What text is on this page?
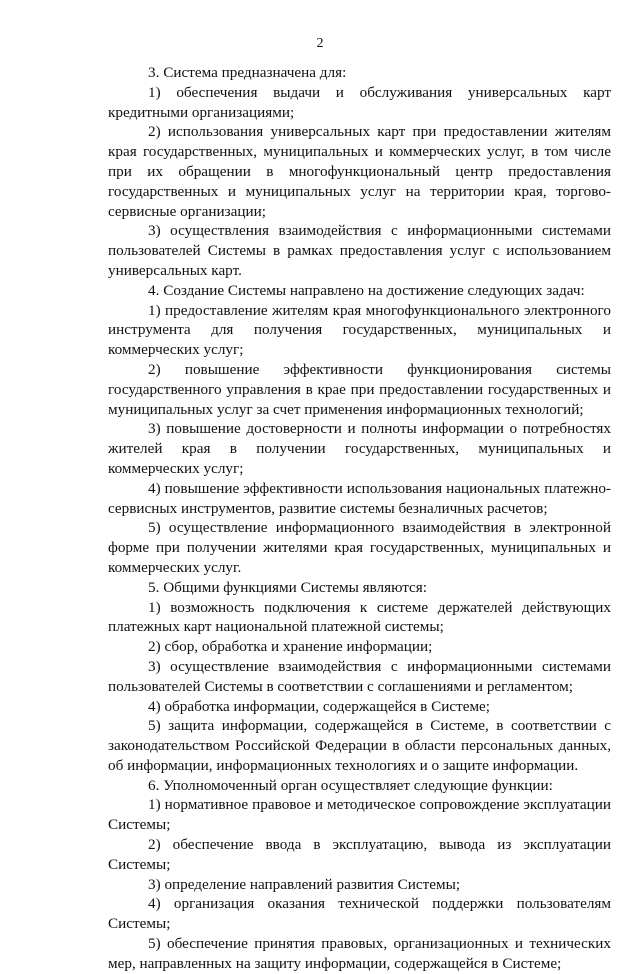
2

3. Система предназначена для:

1) обеспечения выдачи и обслуживания универсальных карт кредитными организациями;

2) использования универсальных карт при предоставлении жителям края государственных, муниципальных и коммерческих услуг, в том числе при их обращении в многофункциональный центр предоставления государственных и муниципальных услуг на территории края, торгово-сервисные организации;

3) осуществления взаимодействия с информационными системами пользователей Системы в рамках предоставления услуг с использованием универсальных карт.

4. Создание Системы направлено на достижение следующих задач:

1) предоставление жителям края многофункционального электронного инструмента для получения государственных, муниципальных и коммерческих услуг;

2) повышение эффективности функционирования системы государственного управления в крае при предоставлении государственных и муниципальных услуг за счет применения информационных технологий;

3) повышение достоверности и полноты информации о потребностях жителей края в получении государственных, муниципальных и коммерческих услуг;

4) повышение эффективности использования национальных платежно-сервисных инструментов, развитие системы безналичных расчетов;

5) осуществление информационного взаимодействия в электронной форме при получении жителями края государственных, муниципальных и коммерческих услуг.

5. Общими функциями Системы являются:

1) возможность подключения к системе держателей действующих платежных карт национальной платежной системы;

2) сбор, обработка и хранение информации;

3) осуществление взаимодействия с информационными системами пользователей Системы в соответствии с соглашениями и регламентом;

4) обработка информации, содержащейся в Системе;

5) защита информации, содержащейся в Системе, в соответствии с законодательством Российской Федерации в области персональных данных, об информации, информационных технологиях и о защите информации.

6. Уполномоченный орган осуществляет следующие функции:

1) нормативное правовое и методическое сопровождение эксплуатации Системы;

2) обеспечение ввода в эксплуатацию, вывода из эксплуатации Системы;

3) определение направлений развития Системы;

4) организация оказания технической поддержки пользователям Системы;

5) обеспечение принятия правовых, организационных и технических мер, направленных на защиту информации, содержащейся в Системе;
